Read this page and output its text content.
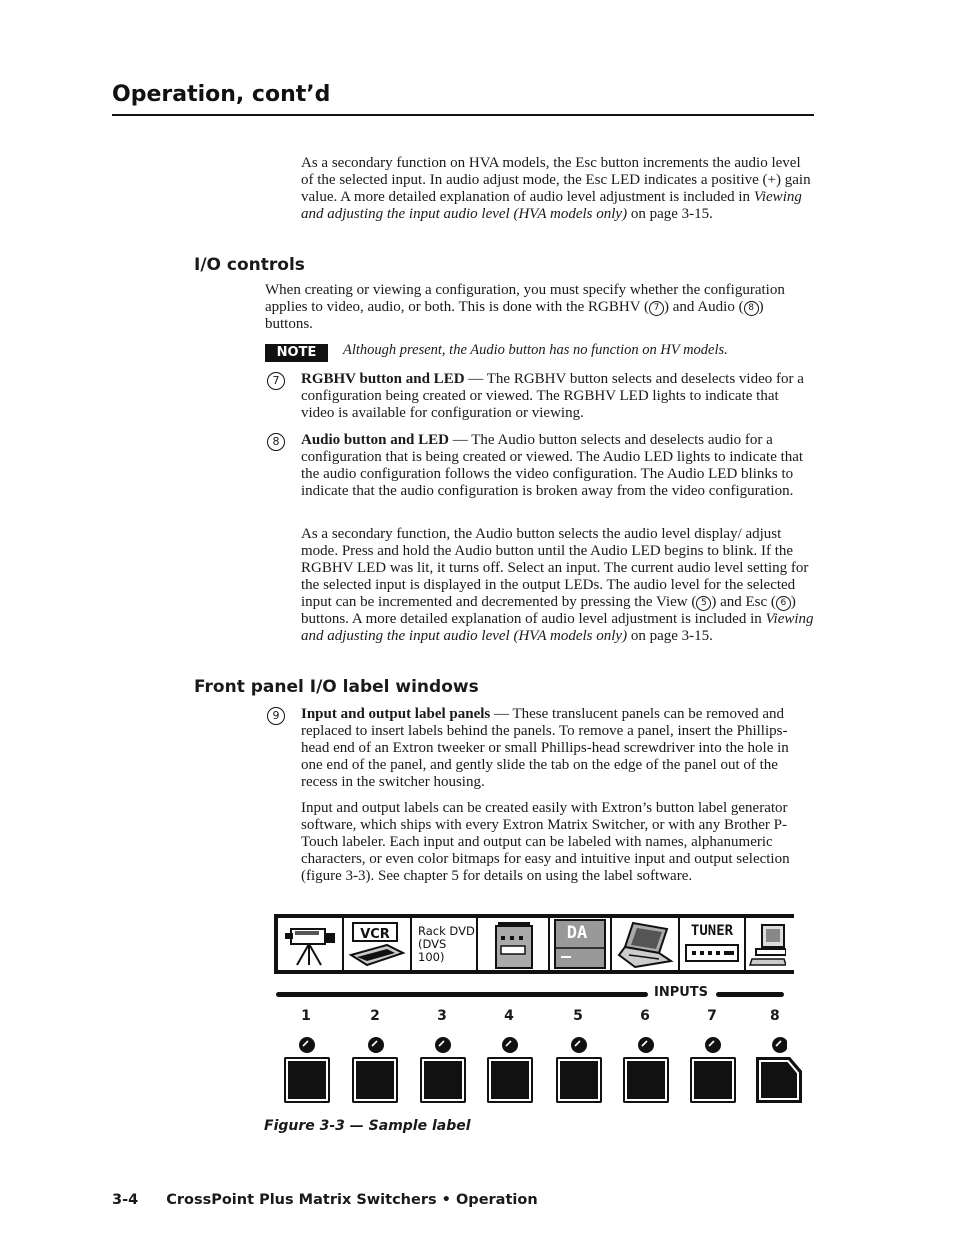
Operation, cont’d

As a secondary function on HVA models, the Esc button increments the audio level of the selected input. In audio adjust mode, the Esc LED indicates a positive (+) gain value. A more detailed explanation of audio level adjustment is included in Viewing and adjusting the input audio level (HVA models only) on page 3-15.

I/O controls

When creating or viewing a configuration, you must specify whether the configuration applies to video, audio, or both. This is done with the RGBHV ( 7 ) and Audio ( 8 ) buttons.

NOTE	Although present, the Audio button has no function on HV models.

7	RGBHV button and LED — The RGBHV button selects and deselects video for a configuration being created or viewed. The RGBHV LED lights to indicate that video is available for configuration or viewing.

8	Audio button and LED — The Audio button selects and deselects audio for a configuration that is being created or viewed. The Audio LED lights to indicate that the audio configuration follows the video configuration. The Audio LED blinks to indicate that the audio configuration is broken away from the video configuration.

As a secondary function, the Audio button selects the audio level display/ adjust mode. Press and hold the Audio button until the Audio LED begins to blink. If the RGBHV LED was lit, it turns off. Select an input. The current audio level setting for the selected input is displayed in the output LEDs. The audio level for the selected input can be incremented and decremented by pressing the View ( 5 ) and Esc ( 6 ) buttons. A more detailed explanation of audio level adjustment is included in Viewing and adjusting the input audio level (HVA models only) on page 3-15.

Front panel I/O label windows
9	Input and output label panels — These translucent panels can be removed and replaced to insert labels behind the panels. To remove a panel, insert the Phillips-head end of an Extron tweeker or small Phillips-head screwdriver into the hole in one end of the panel, and gently slide the tab on the edge of the panel out of the recess in the switcher housing.

Input and output labels can be created easily with Extron’s button label generator software, which ships with every Extron Matrix Switcher, or with any Brother P-Touch labeler. Each input and output can be labeled with names, alphanumeric characters, or even color bitmaps for easy and intuitive input and output selection (figure 3-3). See chapter 5 for details on using the label software.

VCR Rack DVD
(DVS 100)
DA	TUNER
INPUTS
1	2	3	4	5	6	7	8

Figure 3-3 — Sample label

3-4 CrossPoint Plus Matrix Switchers • Operation
